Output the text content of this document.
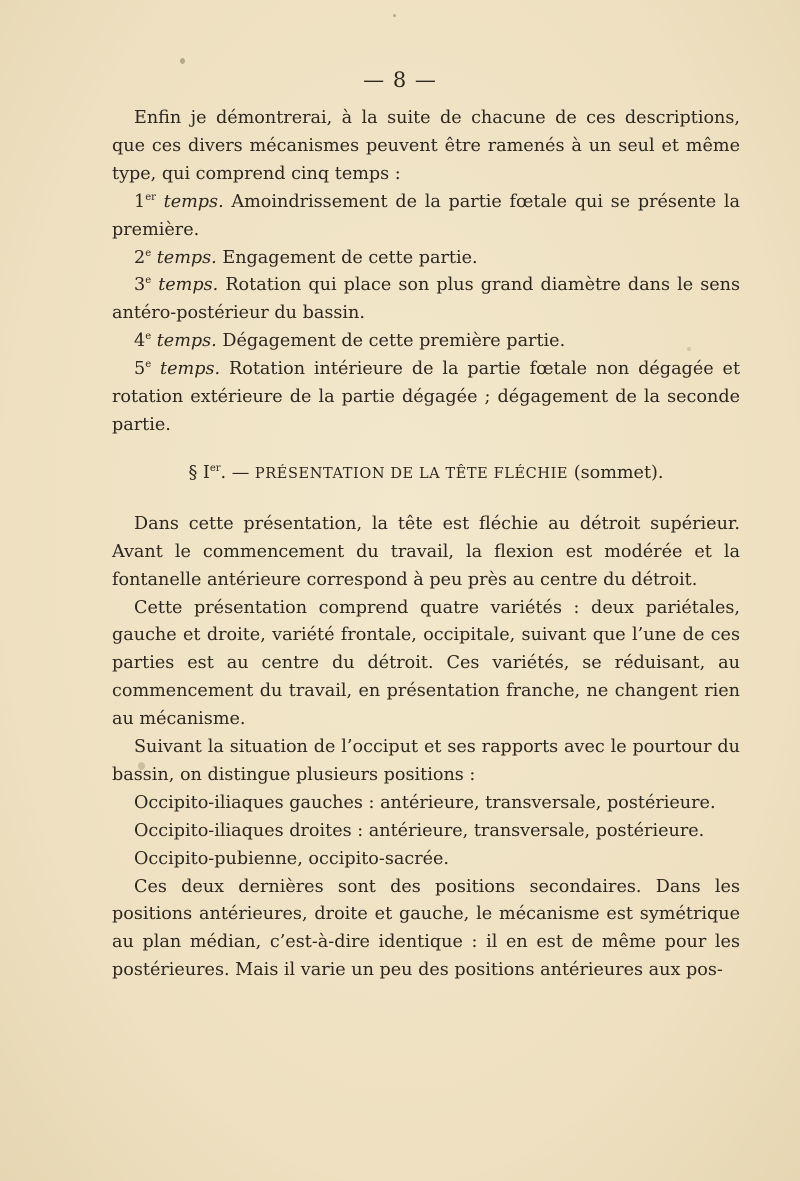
— 8 —

Enfin je démontrerai, à la suite de chacune de ces descriptions, que ces divers mécanismes peuvent être ramenés à un seul et même type, qui comprend cinq temps :

1er temps. Amoindrissement de la partie fœtale qui se présente la première.

2e temps. Engagement de cette partie.

3e temps. Rotation qui place son plus grand diamètre dans le sens antéro-postérieur du bassin.

4e temps. Dégagement de cette première partie.

5e temps. Rotation intérieure de la partie fœtale non dégagée et rotation extérieure de la partie dégagée ; dégagement de la seconde partie.

§ Ier. — PRÉSENTATION DE LA TÊTE FLÉCHIE (sommet).

Dans cette présentation, la tête est fléchie au détroit supérieur. Avant le commencement du travail, la flexion est modérée et la fontanelle antérieure correspond à peu près au centre du détroit.

Cette présentation comprend quatre variétés : deux pariétales, gauche et droite, variété frontale, occipitale, suivant que l’une de ces parties est au centre du détroit. Ces variétés, se réduisant, au commencement du travail, en présentation franche, ne changent rien au mécanisme.

Suivant la situation de l’occiput et ses rapports avec le pourtour du bassin, on distingue plusieurs positions :

Occipito-iliaques gauches : antérieure, transversale, postérieure.

Occipito-iliaques droites : antérieure, transversale, postérieure.

Occipito-pubienne, occipito-sacrée.

Ces deux dernières sont des positions secondaires. Dans les positions antérieures, droite et gauche, le mécanisme est symétrique au plan médian, c’est-à-dire identique : il en est de même pour les postérieures. Mais il varie un peu des positions antérieures aux pos-
